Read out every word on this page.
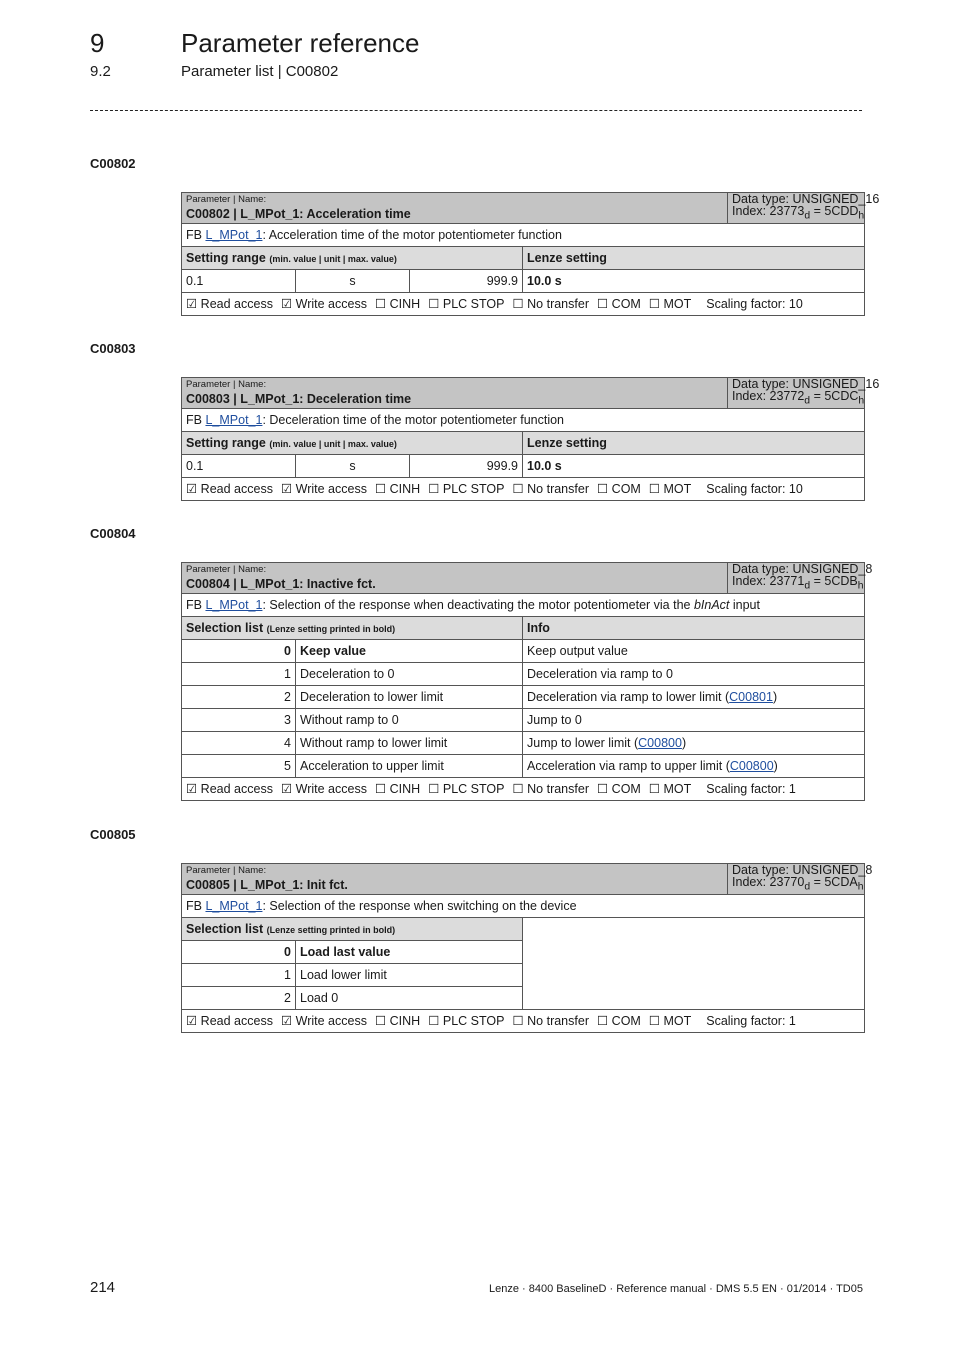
9	Parameter reference
9.2	Parameter list | C00802
C00802
Parameter | Name:
C00802 | L_MPot_1: Acceleration time				Data type: UNSIGNED_16
Index: $23773_d = 5CDD_h$
FB L_MPot_1: Acceleration time of the motor potentiometer function				
Setting range (min. value | unit | max. value)			Lenze setting	
0.1	s	999.9	10.0 s	
☑ Read access ☑ Write access ☐ CINH ☐ PLC STOP ☐ No transfer ☐ COM ☐ MOT Scaling factor: 10				
C00803
Parameter | Name:
C00803 | L_MPot_1: Deceleration time				Data type: UNSIGNED_16
Index: $23772_d = 5CDC_h$
FB L_MPot_1: Deceleration time of the motor potentiometer function				
Setting range (min. value | unit | max. value)			Lenze setting	
0.1	s	999.9	10.0 s	
☑ Read access ☑ Write access ☐ CINH ☐ PLC STOP ☐ No transfer ☐ COM ☐ MOT Scaling factor: 10				
C00804
Parameter | Name:
C00804 | L_MPot_1: Inactive fct.			Data type: UNSIGNED_8
Index: $23771_d = 5CDB_h$
FB L_MPot_1: Selection of the response when deactivating the motor potentiometer via the bInAct input			
Selection list (Lenze setting printed in bold)		Info	
0	Keep value	Keep output value	
1	Deceleration to 0	Deceleration via ramp to 0	
2	Deceleration to lower limit	Deceleration via ramp to lower limit (C00801)	
3	Without ramp to 0	Jump to 0	
4	Without ramp to lower limit	Jump to lower limit (C00800)	
5	Acceleration to upper limit	Acceleration via ramp to upper limit (C00800)	
☑ Read access ☑ Write access ☐ CINH ☐ PLC STOP ☐ No transfer ☐ COM ☐ MOT Scaling factor: 1			
C00805
Parameter | Name:
C00805 | L_MPot_1: Init fct.			Data type: UNSIGNED_8
Index: $23770_d = 5CDA_h$
FB L_MPot_1: Selection of the response when switching on the device			
Selection list (Lenze setting printed in bold)			
0	Load last value		
1	Load lower limit		
2	Load 0		
☑ Read access ☑ Write access ☐ CINH ☐ PLC STOP ☐ No transfer ☐ COM ☐ MOT Scaling factor: 1			
214	Lenze · 8400 BaselineD · Reference manual · DMS 5.5 EN · 01/2014 · TD05
